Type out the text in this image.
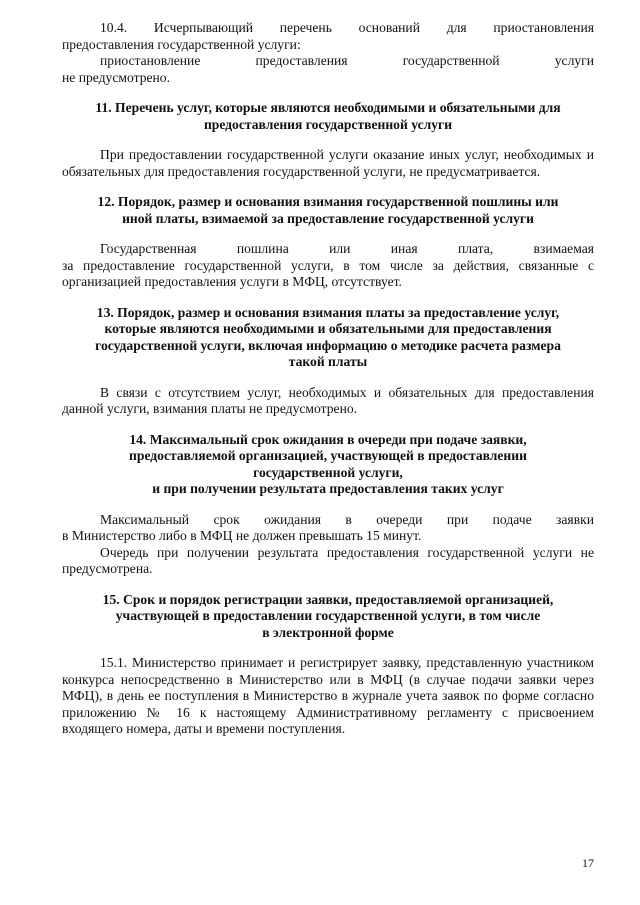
10.4. Исчерпывающий перечень оснований для приостановления

предоставления государственной услуги:

приостановление предоставления государственной услуги

не предусмотрено.

11. Перечень услуг, которые являются необходимыми и обязательными для
предоставления государственной услуги

При предоставлении государственной услуги оказание иных услуг, необходимых и обязательных для предоставления государственной услуги, не предусматривается.

12. Порядок, размер и основания взимания государственной пошлины или
иной платы, взимаемой за предоставление государственной услуги

Государственная пошлина или иная плата, взимаемая

за предоставление государственной услуги, в том числе за действия, связанные с организацией предоставления услуги в МФЦ, отсутствует.

13. Порядок, размер и основания взимания платы за предоставление услуг,
которые являются необходимыми и обязательными для предоставления
государственной услуги, включая информацию о методике расчета размера
такой платы

В связи с отсутствием услуг, необходимых и обязательных для предоставления данной услуги, взимания платы не предусмотрено.

14. Максимальный срок ожидания в очереди при подаче заявки,
предоставляемой организацией, участвующей в предоставлении
государственной услуги,
и при получении результата предоставления таких услуг

Максимальный срок ожидания в очереди при подаче заявки

в Министерство либо в МФЦ не должен превышать 15 минут.

Очередь при получении результата предоставления государственной услуги не предусмотрена.

15. Срок и порядок регистрации заявки, предоставляемой организацией,
участвующей в предоставлении государственной услуги, в том числе
в электронной форме

15.1. Министерство принимает и регистрирует заявку, представленную участником конкурса непосредственно в Министерство или в МФЦ (в случае подачи заявки через МФЦ), в день ее поступления в Министерство в журнале учета заявок по форме согласно приложению № 16 к настоящему Административному регламенту с присвоением входящего номера, даты и времени поступления.

17
